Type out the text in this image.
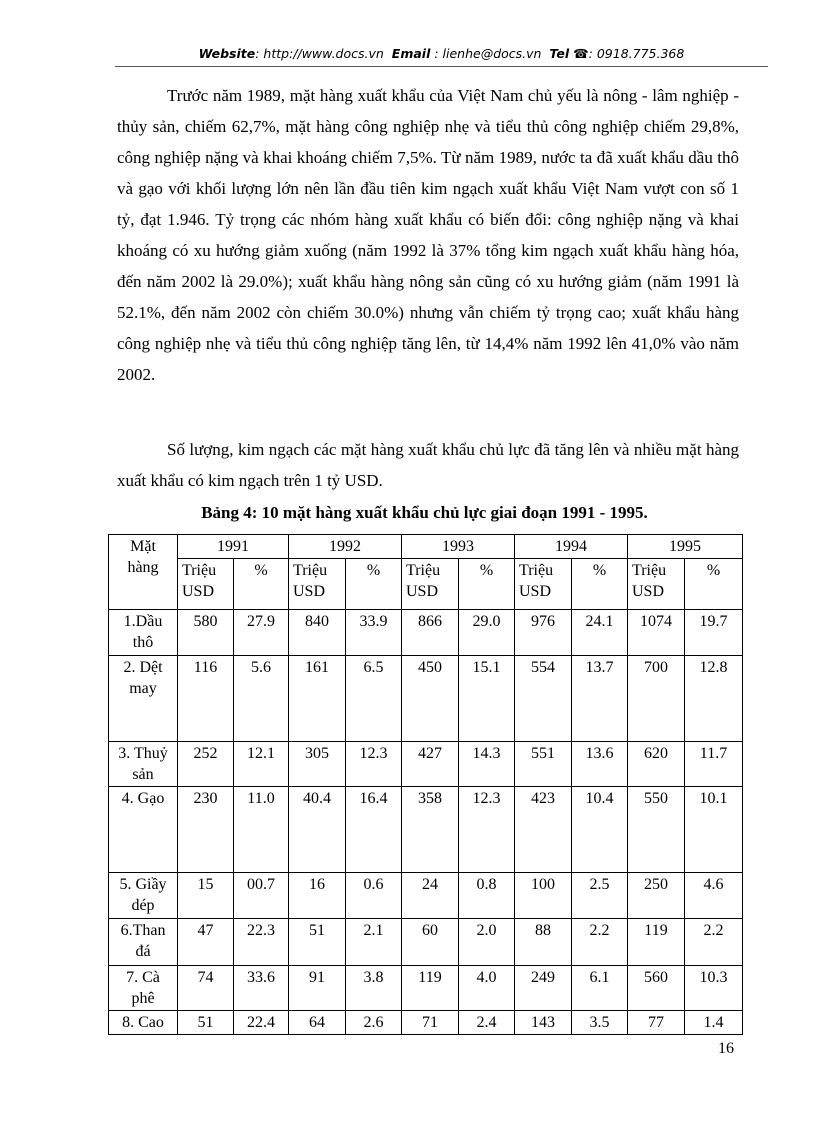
Website: http://www.docs.vn Email : lienhe@docs.vn Tel ☎: 0918.775.368
Trước năm 1989, mặt hàng xuất khẩu của Việt Nam chủ yếu là nông - lâm nghiệp - thủy sản, chiếm 62,7%, mặt hàng công nghiệp nhẹ và tiểu thủ công nghiệp chiếm 29,8%, công nghiệp nặng và khai khoáng chiếm 7,5%. Từ năm 1989, nước ta đã xuất khẩu dầu thô và gạo với khối lượng lớn nên lần đầu tiên kim ngạch xuất khẩu Việt Nam vượt con số 1 tỷ, đạt 1.946. Tỷ trọng các nhóm hàng xuất khẩu có biến đổi: công nghiệp nặng và khai khoáng có xu hướng giảm xuống (năm 1992 là 37% tổng kim ngạch xuất khẩu hàng hóa, đến năm 2002 là 29.0%); xuất khẩu hàng nông sản cũng có xu hướng giảm (năm 1991 là 52.1%, đến năm 2002 còn chiếm 30.0%) nhưng vẫn chiếm tỷ trọng cao; xuất khẩu hàng công nghiệp nhẹ và tiểu thủ công nghiệp tăng lên, từ 14,4% năm 1992 lên 41,0% vào năm 2002.
Số lượng, kim ngạch các mặt hàng xuất khẩu chủ lực đã tăng lên và nhiều mặt hàng xuất khẩu có kim ngạch trên 1 tỷ USD.
Bảng 4: 10 mặt hàng xuất khẩu chủ lực giai đoạn 1991 - 1995.
Mặt hàng	1991		1992		1993		1994		1995	
	Triệu USD	%	Triệu USD	%	Triệu USD	%	Triệu USD	%	Triệu USD	%
1.Dầu thô	580	27.9	840	33.9	866	29.0	976	24.1	1074	19.7
2. Dệt may	116	5.6	161	6.5	450	15.1	554	13.7	700	12.8
3. Thuỷ sản	252	12.1	305	12.3	427	14.3	551	13.6	620	11.7
4. Gạo	230	11.0	40.4	16.4	358	12.3	423	10.4	550	10.1
5. Giầy dép	15	00.7	16	0.6	24	0.8	100	2.5	250	4.6
6.Than đá	47	22.3	51	2.1	60	2.0	88	2.2	119	2.2
7. Cà phê	74	33.6	91	3.8	119	4.0	249	6.1	560	10.3
8. Cao	51	22.4	64	2.6	71	2.4	143	3.5	77	1.4
16
